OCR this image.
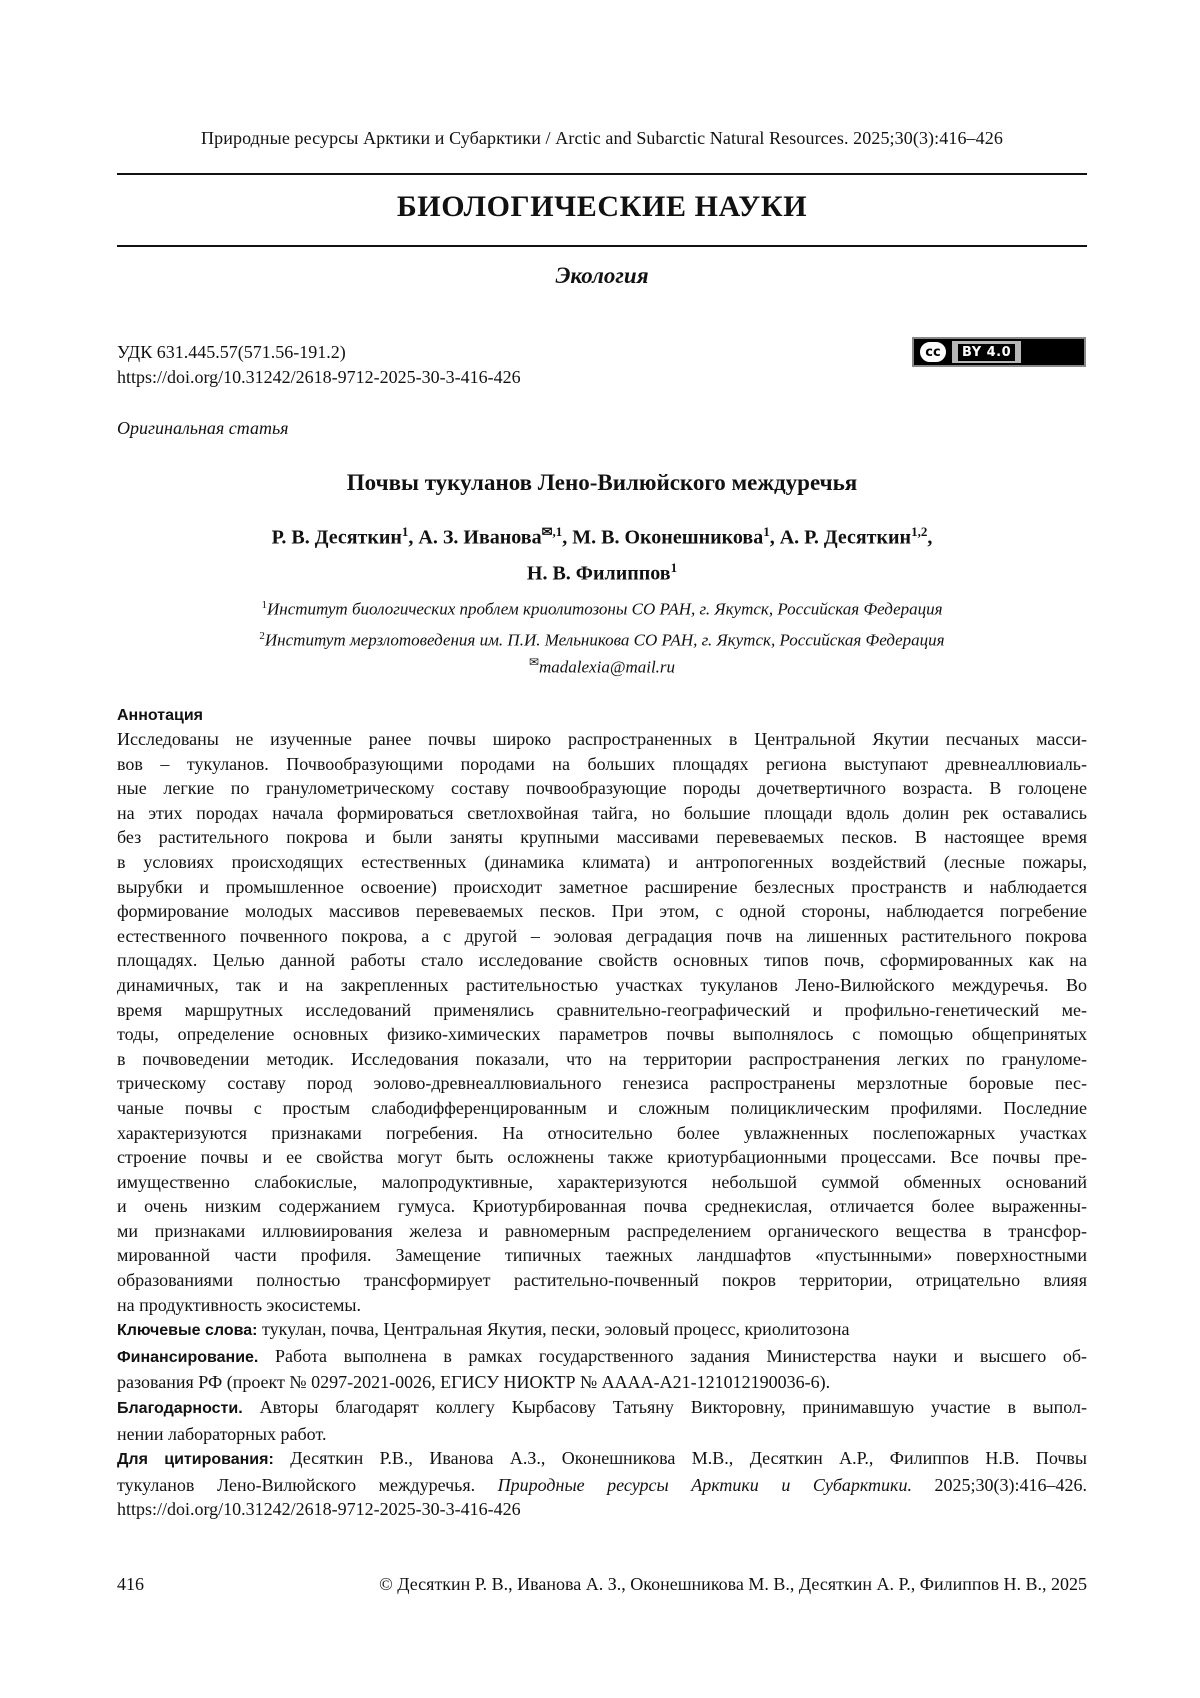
Природные ресурсы Арктики и Субарктики / Arctic and Subarctic Natural Resources. 2025;30(3):416–426
БИОЛОГИЧЕСКИЕ НАУКИ
Экология
УДК 631.445.57(571.56-191.2)
https://doi.org/10.31242/2618-9712-2025-30-3-416-426
cc	BY 4.0
Оригинальная статья
Почвы тукуланов Лено-Вилюйского междуречья
Р. В. Десяткин$^1$, А. З. Иванова$^{✉,1}$, М. В. Оконешникова$^1$, А. Р. Десяткин$^{1,2}$,
Н. В. Филиппов$^1$
$^1$Институт биологических проблем криолитозоны СО РАН, г. Якутск, Российская Федерация
$^2$Институт мерзлотоведения им. П.И. Мельникова СО РАН, г. Якутск, Российская Федерация
✉madalexia@mail.ru
Аннотация
Исследованы не изученные ранее почвы широко распространенных в Центральной Якутии песчаных масси-
вов – тукуланов. Почвообразующими породами на больших площадях региона выступают древнеаллювиаль-
ные легкие по гранулометрическому составу почвообразующие породы дочетвертичного возраста. В голоцене
на этих породах начала формироваться светлохвойная тайга, но большие площади вдоль долин рек оставались
без растительного покрова и были заняты крупными массивами перевеваемых песков. В настоящее время
в условиях происходящих естественных (динамика климата) и антропогенных воздействий (лесные пожары,
вырубки и промышленное освоение) происходит заметное расширение безлесных пространств и наблюдается
формирование молодых массивов перевеваемых песков. При этом, с одной стороны, наблюдается погребение
естественного почвенного покрова, а с другой – эоловая деградация почв на лишенных растительного покрова
площадях. Целью данной работы стало исследование свойств основных типов почв, сформированных как на
динамичных, так и на закрепленных растительностью участках тукуланов Лено-Вилюйского междуречья. Во
время маршрутных исследований применялись сравнительно-географический и профильно-генетический ме-
тоды, определение основных физико-химических параметров почвы выполнялось с помощью общепринятых
в почвоведении методик. Исследования показали, что на территории распространения легких по грануломе-
трическому составу пород эолово-древнеаллювиального генезиса распространены мерзлотные боровые пес-
чаные почвы с простым слабодифференцированным и сложным полициклическим профилями. Последние
характеризуются признаками погребения. На относительно более увлажненных послепожарных участках
строение почвы и ее свойства могут быть осложнены также криотурбационными процессами. Все почвы пре-
имущественно слабокислые, малопродуктивные, характеризуются небольшой суммой обменных оснований
и очень низким содержанием гумуса. Криотурбированная почва среднекислая, отличается более выраженны-
ми признаками иллювиирования железа и равномерным распределением органического вещества в трансфор-
мированной части профиля. Замещение типичных таежных ландшафтов «пустынными» поверхностными
образованиями полностью трансформирует растительно-почвенный покров территории, отрицательно влияя
на продуктивность экосистемы.
Ключевые слова: тукулан, почва, Центральная Якутия, пески, эоловый процесс, криолитозона
Финансирование. Работа выполнена в рамках государственного задания Министерства науки и высшего об-
разования РФ (проект № 0297-2021-0026, ЕГИСУ НИОКТР № АААА-А21-121012190036-6).
Благодарности. Авторы благодарят коллегу Кырбасову Татьяну Викторовну, принимавшую участие в выпол-
нении лабораторных работ.
Для цитирования: Десяткин Р.В., Иванова А.З., Оконешникова М.В., Десяткин А.Р., Филиппов Н.В. Почвы
тукуланов Лено-Вилюйского междуречья. Природные ресурсы Арктики и Субарктики. 2025;30(3):416–426.
https://doi.org/10.31242/2618-9712-2025-30-3-416-426
416	© Десяткин Р. В., Иванова А. З., Оконешникова М. В., Десяткин А. Р., Филиппов Н. В., 2025
